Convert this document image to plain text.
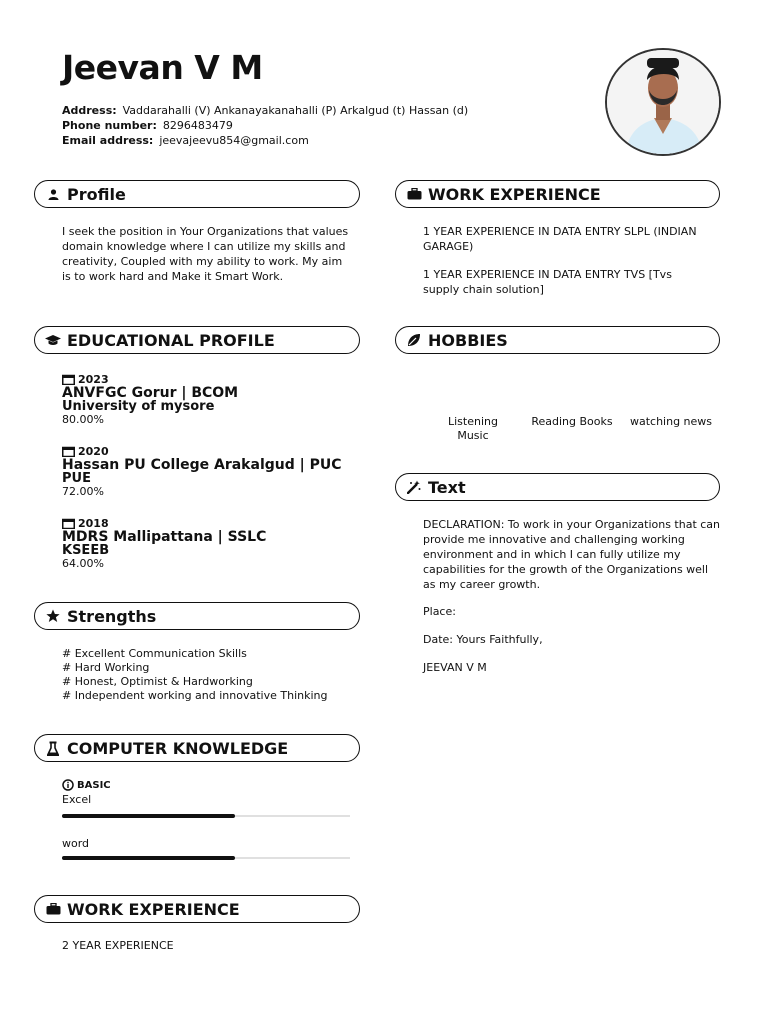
Jeevan V M
Address: Vaddarahalli (V) Ankanayakanahalli (P) Arkalgud (t) Hassan (d)
Phone number: 8296483479
Email address: jeevajeevu854@gmail.com
Profile
I seek the position in Your Organizations that values domain knowledge where I can utilize my skills and creativity, Coupled with my ability to work. My aim is to work hard and Make it Smart Work.
EDUCATIONAL PROFILE
2023
ANVFGC Gorur | BCOM
University of mysore
80.00%
2020
Hassan PU College Arakalgud | PUC
PUE
72.00%
2018
MDRS Mallipattana | SSLC
KSEEB
64.00%
Strengths
# Excellent Communication Skills
# Hard Working
# Honest, Optimist & Hardworking
# Independent working and innovative Thinking
COMPUTER KNOWLEDGE
BASIC
Excel
word
WORK EXPERIENCE
2 YEAR EXPERIENCE
WORK EXPERIENCE
1 YEAR EXPERIENCE IN DATA ENTRY SLPL (INDIAN GARAGE)
1 YEAR EXPERIENCE IN DATA ENTRY TVS [Tvs supply chain solution]
HOBBIES
Listening Music
Reading Books	watching news
Text
DECLARATION: To work in your Organizations that can provide me innovative and challenging working environment and in which I can fully utilize my capabilities for the growth of the Organizations well as my career growth.
Place:
Date: Yours Faithfully,
JEEVAN V M
